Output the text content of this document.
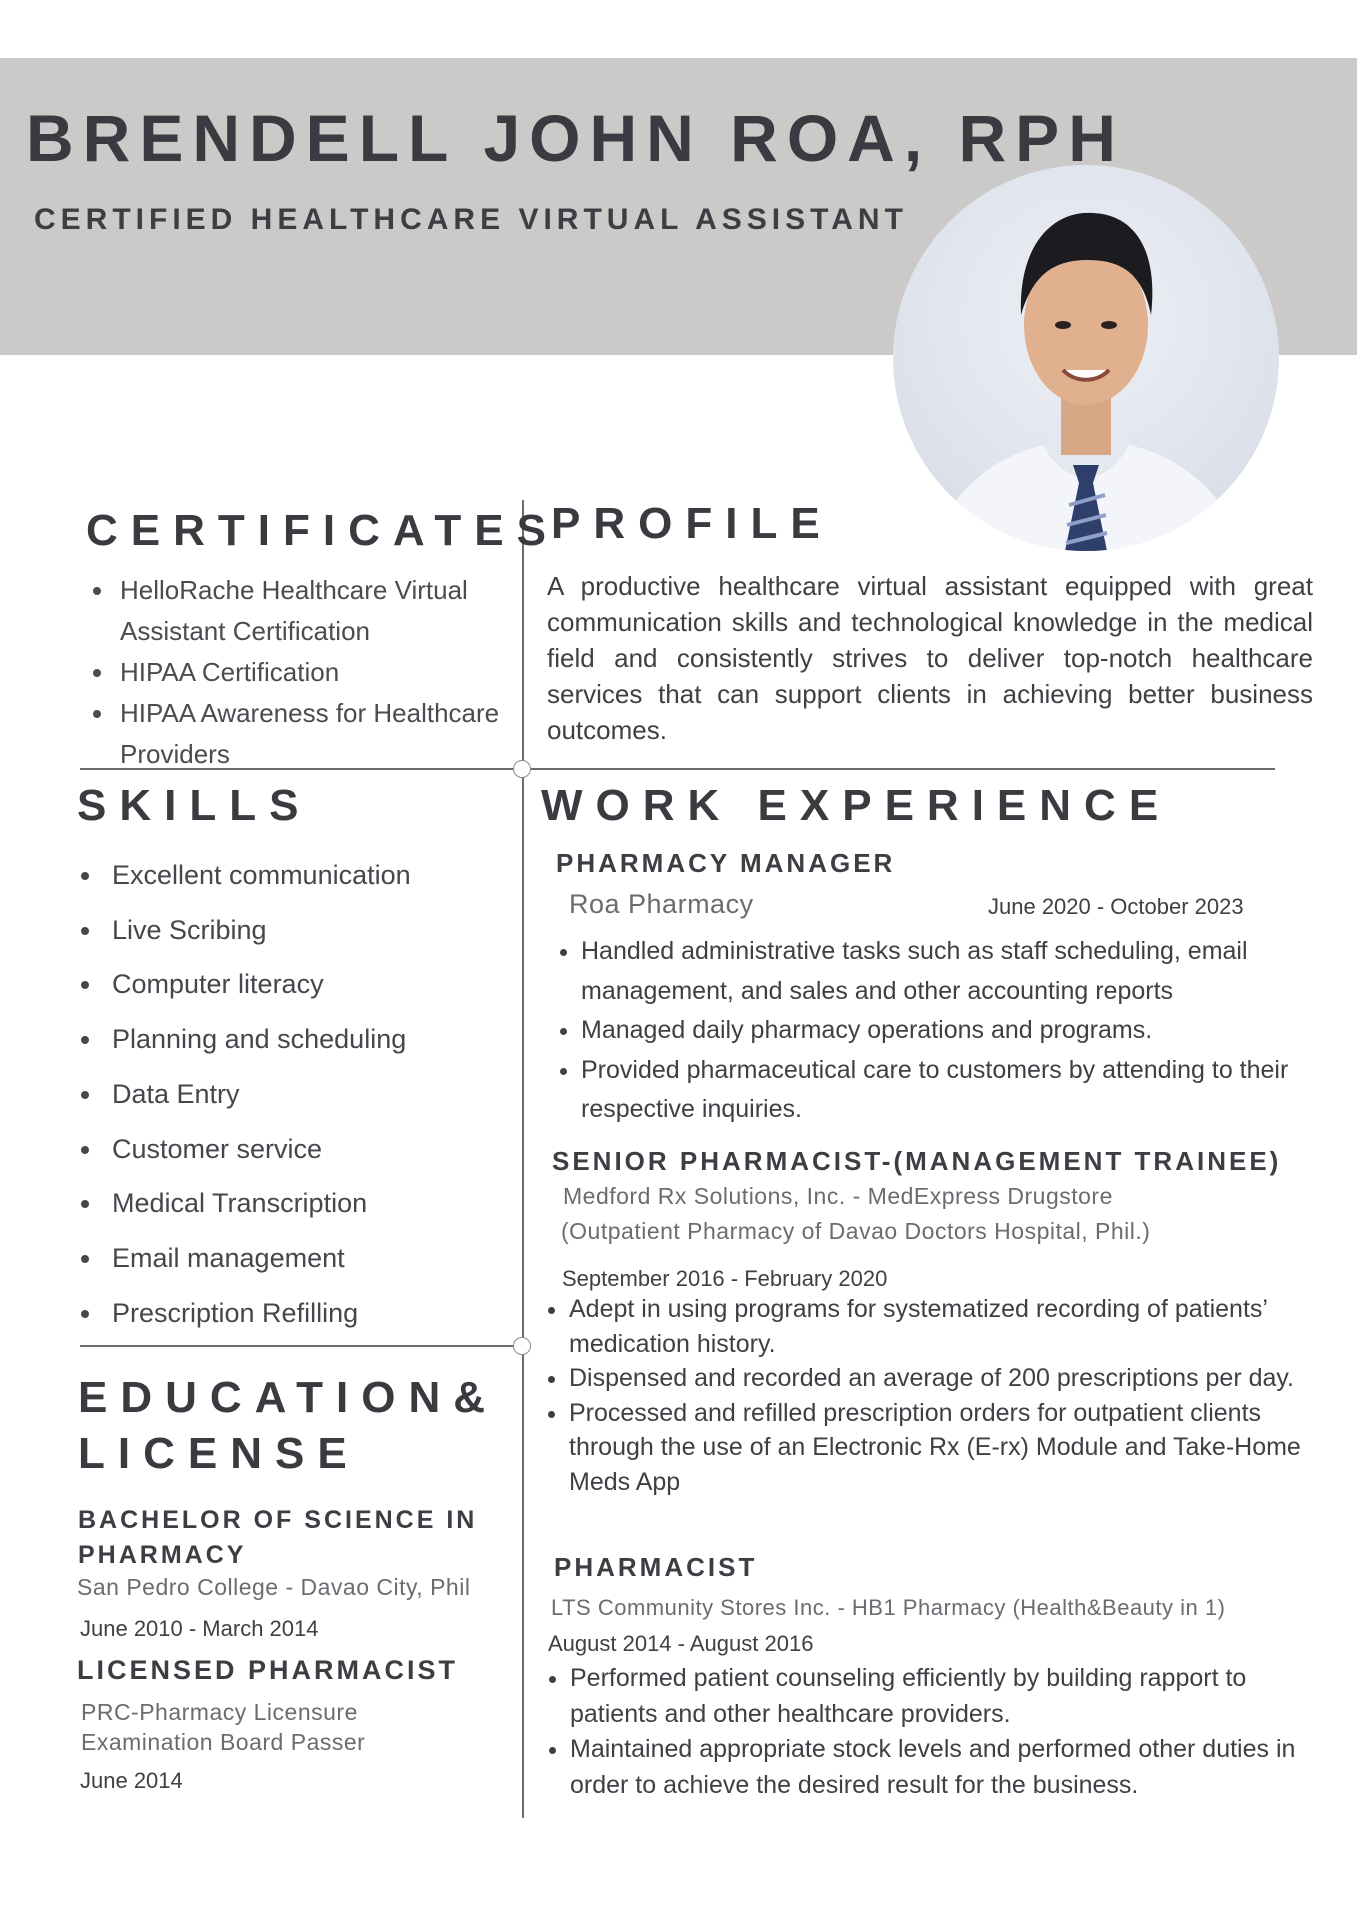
BRENDELL JOHN ROA, RPH
CERTIFIED HEALTHCARE VIRTUAL ASSISTANT
CERTIFICATES
• HelloRache Healthcare Virtual Assistant Certification
• HIPAA Certification
• HIPAA Awareness for Healthcare Providers
PROFILE

A productive healthcare virtual assistant equipped with great communication skills and technological knowledge in the medical field and consistently strives to deliver top-notch healthcare services that can support clients in achieving better business outcomes.

SKILLS
• Excellent communication
• Live Scribing
• Computer literacy
• Planning and scheduling
• Data Entry
• Customer service
• Medical Transcription
• Email management
• Prescription Refilling
EDUCATION&
LICENSE
BACHELOR OF SCIENCE IN
PHARMACY
San Pedro College - Davao City, Phil
June 2010 - March 2014
LICENSED PHARMACIST
PRC-Pharmacy Licensure
Examination Board Passer
June 2014
WORK EXPERIENCE
PHARMACY MANAGER
Roa Pharmacy	June 2020 - October 2023
• Handled administrative tasks such as staff scheduling, email management, and sales and other accounting reports
• Managed daily pharmacy operations and programs.
• Provided pharmaceutical care to customers by attending to their respective inquiries.
SENIOR PHARMACIST-(MANAGEMENT TRAINEE)
Medford Rx Solutions, Inc. - MedExpress Drugstore
(Outpatient Pharmacy of Davao Doctors Hospital, Phil.)
September 2016 - February 2020
• Adept in using programs for systematized recording of patients’ medication history.
• Dispensed and recorded an average of 200 prescriptions per day.
• Processed and refilled prescription orders for outpatient clients through the use of an Electronic Rx (E-rx) Module and Take-Home Meds App
PHARMACIST
LTS Community Stores Inc. - HB1 Pharmacy (Health&Beauty in 1)
August 2014 - August 2016
• Performed patient counseling efficiently by building rapport to patients and other healthcare providers.
• Maintained appropriate stock levels and performed other duties in order to achieve the desired result for the business.
